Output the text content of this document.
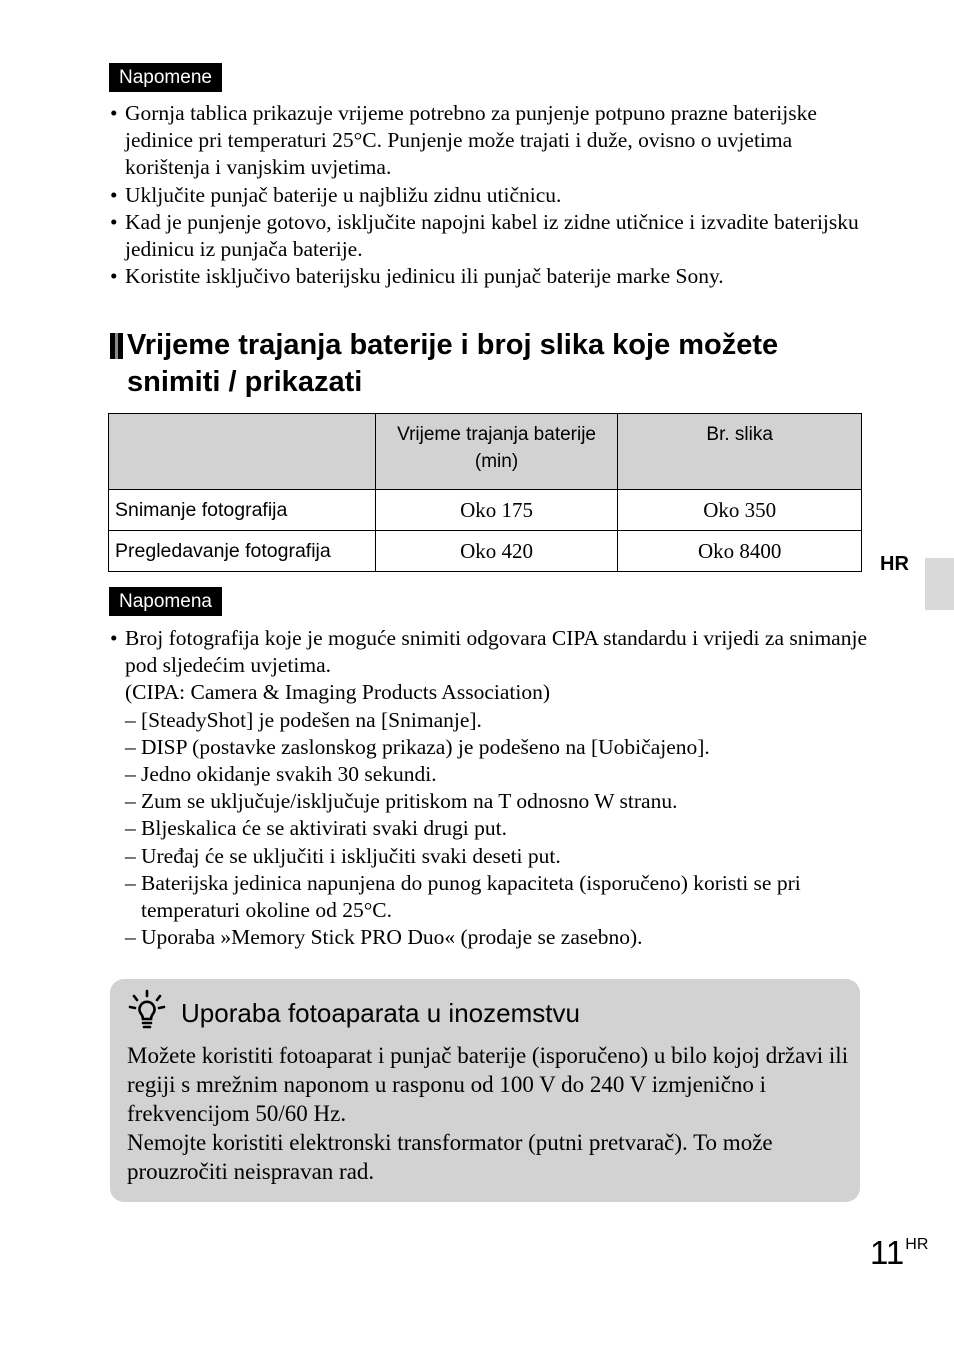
Napomene
• Gornja tablica prikazuje vrijeme potrebno za punjenje potpuno prazne baterijske jedinice pri temperaturi 25°C. Punjenje može trajati i duže, ovisno o uvjetima korištenja i vanjskim uvjetima.
• Uključite punjač baterije u najbližu zidnu utičnicu.
• Kad je punjenje gotovo, isključite napojni kabel iz zidne utičnice i izvadite baterijsku jedinicu iz punjača baterije.
• Koristite isključivo baterijsku jedinicu ili punjač baterije marke Sony.
Vrijeme trajanja baterije i broj slika koje možete
snimiti / prikazati
	Vrijeme trajanja baterije (min)	Br. slika
Snimanje fotografija	Oko 175	Oko 350
Pregledavanje fotografija	Oko 420	Oko 8400
HR
Napomena
• Broj fotografija koje je moguće snimiti odgovara CIPA standardu i vrijedi za snimanje pod sljedećim uvjetima.
(CIPA: Camera & Imaging Products Association)
– [SteadyShot] je podešen na [Snimanje].
– DISP (postavke zaslonskog prikaza) je podešeno na [Uobičajeno].
– Jedno okidanje svakih 30 sekundi.
– Zum se uključuje/isključuje pritiskom na T odnosno W stranu.
– Bljeskalica će se aktivirati svaki drugi put.
– Uređaj će se uključiti i isključiti svaki deseti put.
– Baterijska jedinica napunjena do punog kapaciteta (isporučeno) koristi se pri temperaturi okoline od 25°C.
– Uporaba »Memory Stick PRO Duo« (prodaje se zasebno).
Uporaba fotoaparata u inozemstvu
Možete koristiti fotoaparat i punjač baterije (isporučeno) u bilo kojoj državi ili regiji s mrežnim naponom u rasponu od 100 V do 240 V izmjenično i frekvencijom 50/60 Hz.
Nemojte koristiti elektronski transformator (putni pretvarač). To može prouzročiti neispravan rad.
$11^{HR}$
